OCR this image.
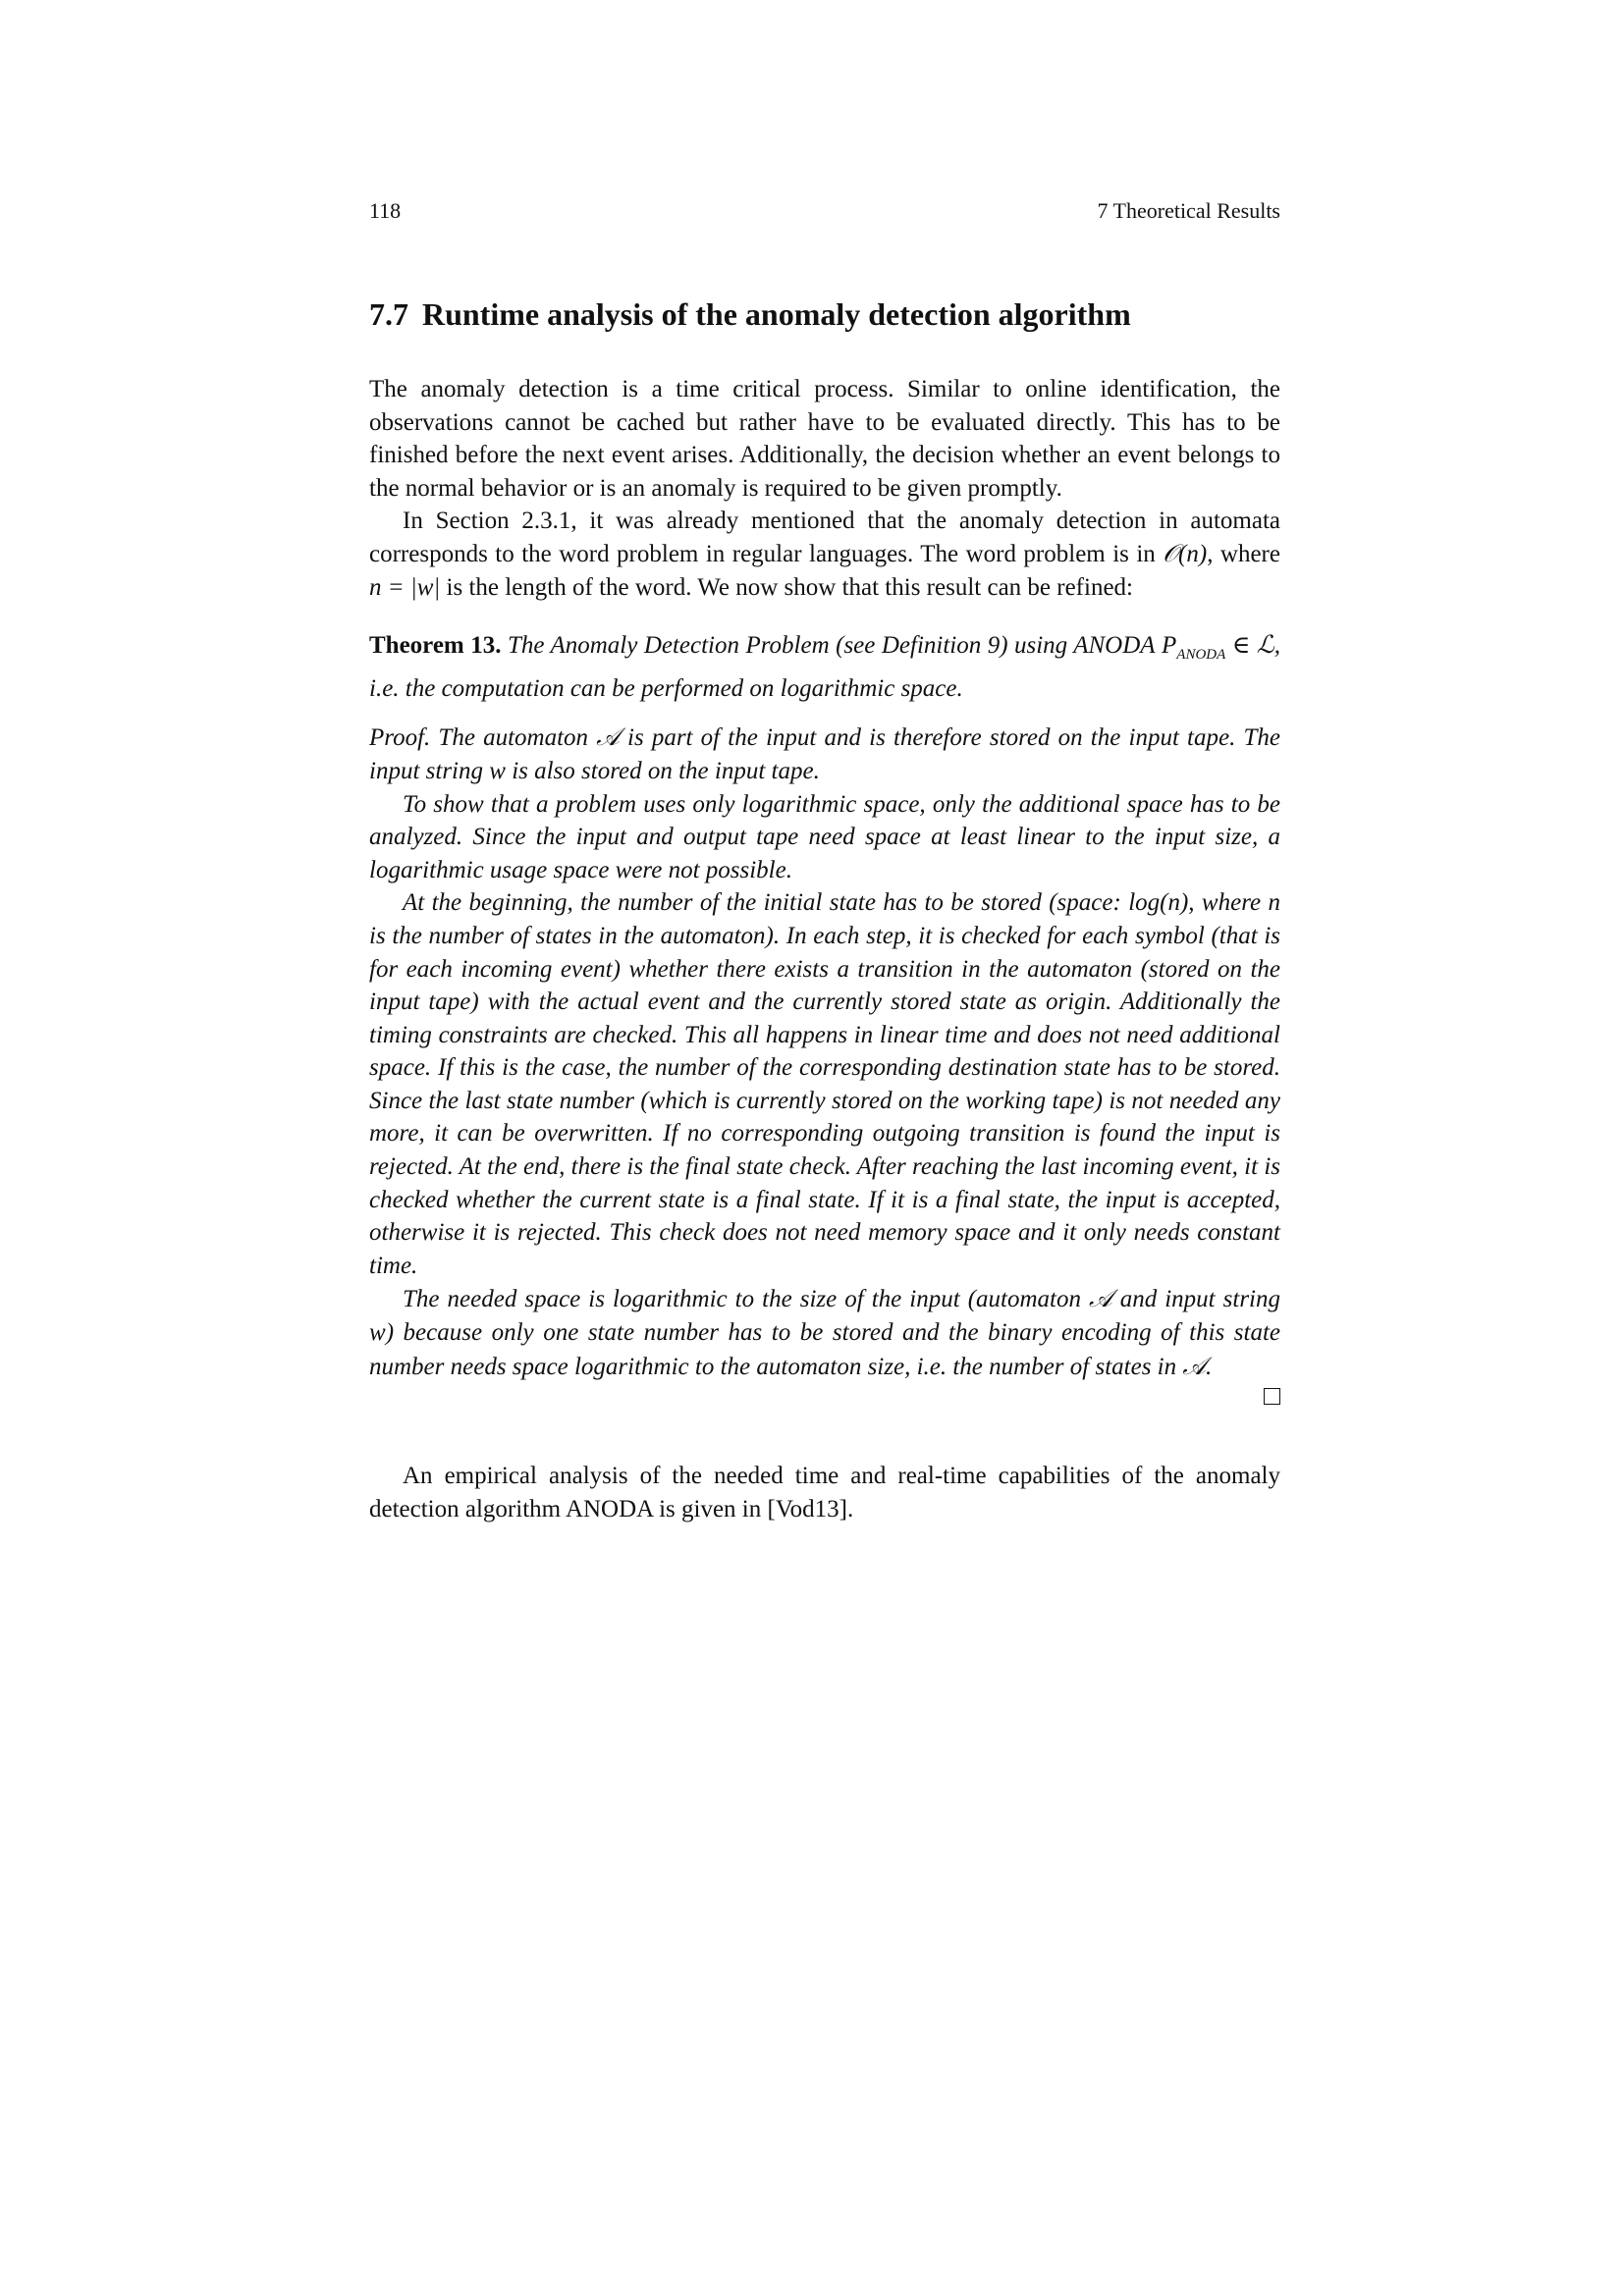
118	7 Theoretical Results
7.7 Runtime analysis of the anomaly detection algorithm

The anomaly detection is a time critical process. Similar to online identification, the observations cannot be cached but rather have to be evaluated directly. This has to be finished before the next event arises. Additionally, the decision whether an event belongs to the normal behavior or is an anomaly is required to be given promptly.

In Section 2.3.1, it was already mentioned that the anomaly detection in automata corresponds to the word problem in regular languages. The word problem is in 𝒪(n), where n = |w| is the length of the word. We now show that this result can be refined:

Theorem 13. The Anomaly Detection Problem (see Definition 9) using ANODA $P_{ANODA}$ ∈ ℒ, i.e. the computation can be performed on logarithmic space.

Proof. The automaton 𝒜 is part of the input and is therefore stored on the input tape. The input string w is also stored on the input tape.

To show that a problem uses only logarithmic space, only the additional space has to be analyzed. Since the input and output tape need space at least linear to the input size, a logarithmic usage space were not possible.

At the beginning, the number of the initial state has to be stored (space: log(n), where n is the number of states in the automaton). In each step, it is checked for each symbol (that is for each incoming event) whether there exists a transition in the automaton (stored on the input tape) with the actual event and the currently stored state as origin. Additionally the timing constraints are checked. This all happens in linear time and does not need additional space. If this is the case, the number of the corresponding destination state has to be stored. Since the last state number (which is currently stored on the working tape) is not needed any more, it can be overwritten. If no corresponding outgoing transition is found the input is rejected. At the end, there is the final state check. After reaching the last incoming event, it is checked whether the current state is a final state. If it is a final state, the input is accepted, otherwise it is rejected. This check does not need memory space and it only needs constant time.

The needed space is logarithmic to the size of the input (automaton 𝒜 and input string w) because only one state number has to be stored and the binary encoding of this state number needs space logarithmic to the automaton size, i.e. the number of states in 𝒜.

An empirical analysis of the needed time and real-time capabilities of the anomaly detection algorithm ANODA is given in [Vod13].
